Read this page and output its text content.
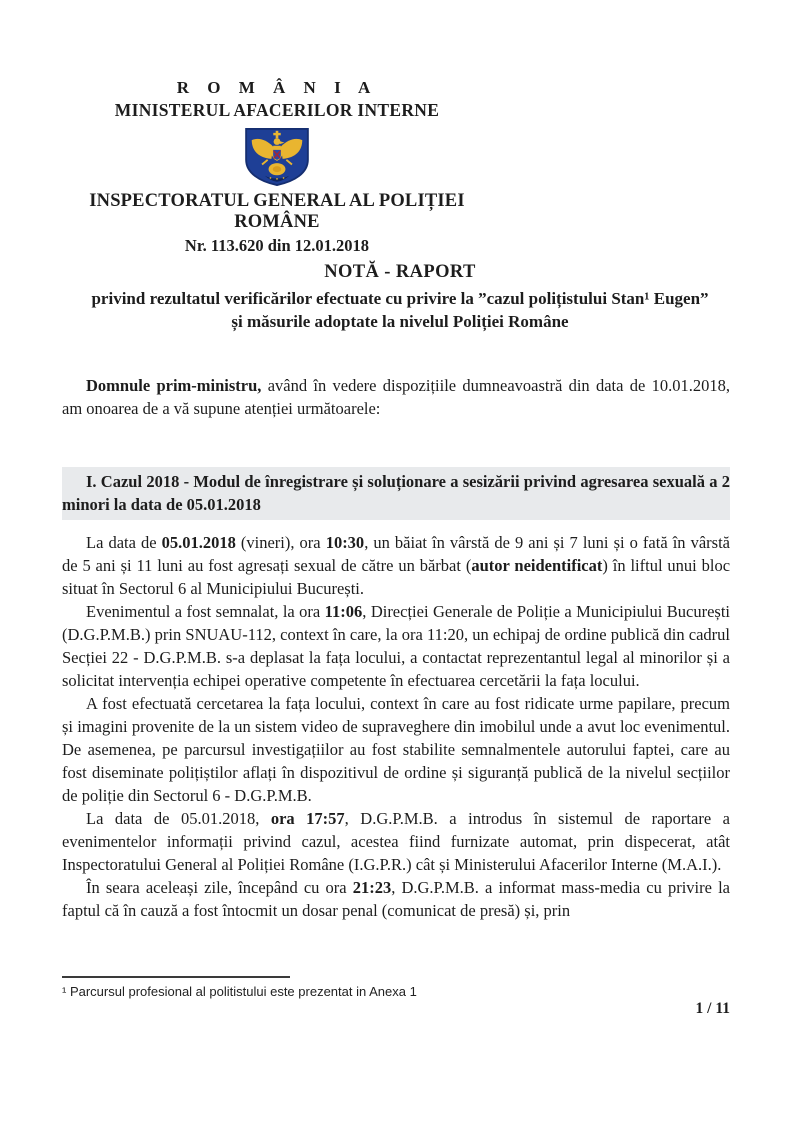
R O M Â N I A
MINISTERUL AFACERILOR INTERNE
INSPECTORATUL GENERAL AL POLIȚIEI ROMÂNE
Nr. 113.620 din 12.01.2018
NOTĂ - RAPORT
privind rezultatul verificărilor efectuate cu privire la ”cazul polițistului Stan¹ Eugen”
și măsurile adoptate la nivelul Poliției Române
Domnule prim-ministru, având în vedere dispozițiile dumneavoastră din data de 10.01.2018, am onoarea de a vă supune atenției următoarele:
I. Cazul 2018 - Modul de înregistrare și soluționare a sesizării privind agresarea sexuală a 2 minori la data de 05.01.2018
La data de 05.01.2018 (vineri), ora 10:30, un băiat în vârstă de 9 ani și 7 luni și o fată în vârstă de 5 ani și 11 luni au fost agresați sexual de către un bărbat (autor neidentificat) în liftul unui bloc situat în Sectorul 6 al Municipiului București.
Evenimentul a fost semnalat, la ora 11:06, Direcției Generale de Poliție a Municipiului București (D.G.P.M.B.) prin SNUAU-112, context în care, la ora 11:20, un echipaj de ordine publică din cadrul Secției 22 - D.G.P.M.B. s-a deplasat la fața locului, a contactat reprezentantul legal al minorilor și a solicitat intervenția echipei operative competente în efectuarea cercetării la fața locului.
A fost efectuată cercetarea la fața locului, context în care au fost ridicate urme papilare, precum și imagini provenite de la un sistem video de supraveghere din imobilul unde a avut loc evenimentul. De asemenea, pe parcursul investigațiilor au fost stabilite semnalmentele autorului faptei, care au fost diseminate polițiștilor aflați în dispozitivul de ordine și siguranță publică de la nivelul secțiilor de poliție din Sectorul 6 - D.G.P.M.B.
La data de 05.01.2018, ora 17:57, D.G.P.M.B. a introdus în sistemul de raportare a evenimentelor informații privind cazul, acestea fiind furnizate automat, prin dispecerat, atât Inspectoratului General al Poliției Române (I.G.P.R.) cât și Ministerului Afacerilor Interne (M.A.I.).
În seara aceleași zile, începând cu ora 21:23, D.G.P.M.B. a informat mass-media cu privire la faptul că în cauză a fost întocmit un dosar penal (comunicat de presă) și, prin
¹ Parcursul profesional al politistului este prezentat in Anexa 1
1 / 11
